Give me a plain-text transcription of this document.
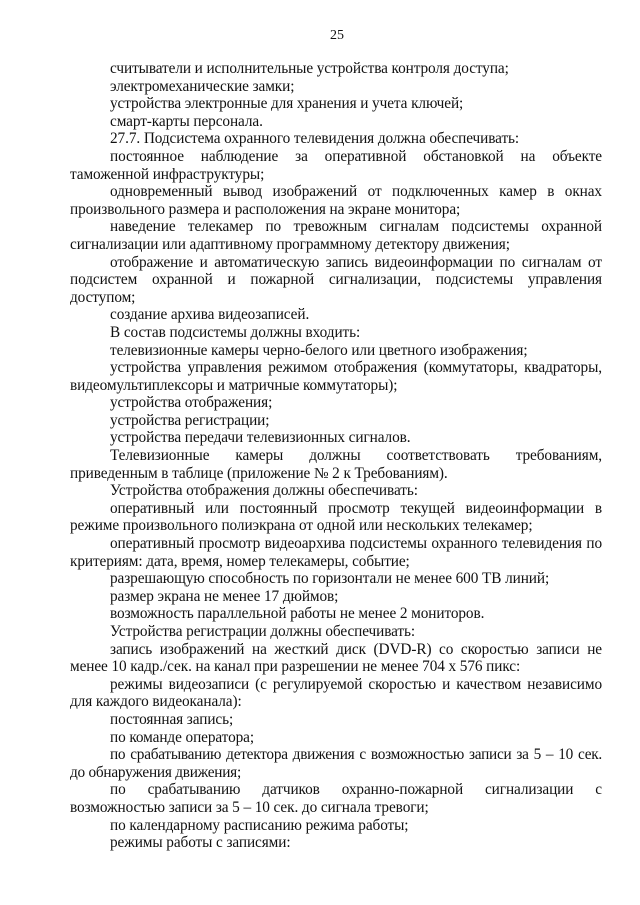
25

считыватели и исполнительные устройства контроля доступа;

электромеханические замки;

устройства электронные для хранения и учета ключей;

смарт-карты персонала.

27.7. Подсистема охранного телевидения должна обеспечивать:

постоянное наблюдение за оперативной обстановкой на объекте таможенной инфраструктуры;

одновременный вывод изображений от подключенных камер в окнах произвольного размера и расположения на экране монитора;

наведение телекамер по тревожным сигналам подсистемы охранной сигнализации или адаптивному программному детектору движения;

отображение и автоматическую запись видеоинформации по сигналам от подсистем охранной и пожарной сигнализации, подсистемы управления доступом;

создание архива видеозаписей.

В состав подсистемы должны входить:

телевизионные камеры черно-белого или цветного изображения;

устройства управления режимом отображения (коммутаторы, квадраторы, видеомультиплексоры и матричные коммутаторы);

устройства отображения;

устройства регистрации;

устройства передачи телевизионных сигналов.

Телевизионные камеры должны соответствовать требованиям, приведенным в таблице (приложение № 2 к Требованиям).

Устройства отображения должны обеспечивать:

оперативный или постоянный просмотр текущей видеоинформации в режиме произвольного полиэкрана от одной или нескольких телекамер;

оперативный просмотр видеоархива подсистемы охранного телевидения по критериям: дата, время, номер телекамеры, событие;

разрешающую способность по горизонтали не менее 600 ТВ линий;

размер экрана не менее 17 дюймов;

возможность параллельной работы не менее 2 мониторов.

Устройства регистрации должны обеспечивать:

запись изображений на жесткий диск (DVD-R) со скоростью записи не менее 10 кадр./сек. на канал при разрешении не менее 704 х 576 пикс:

режимы видеозаписи (с регулируемой скоростью и качеством независимо для каждого видеоканала):

постоянная запись;

по команде оператора;

по срабатыванию детектора движения с возможностью записи за 5 – 10 сек. до обнаружения движения;

по срабатыванию датчиков охранно-пожарной сигнализации с возможностью записи за 5 – 10 сек. до сигнала тревоги;

по календарному расписанию режима работы;

режимы работы с записями:
